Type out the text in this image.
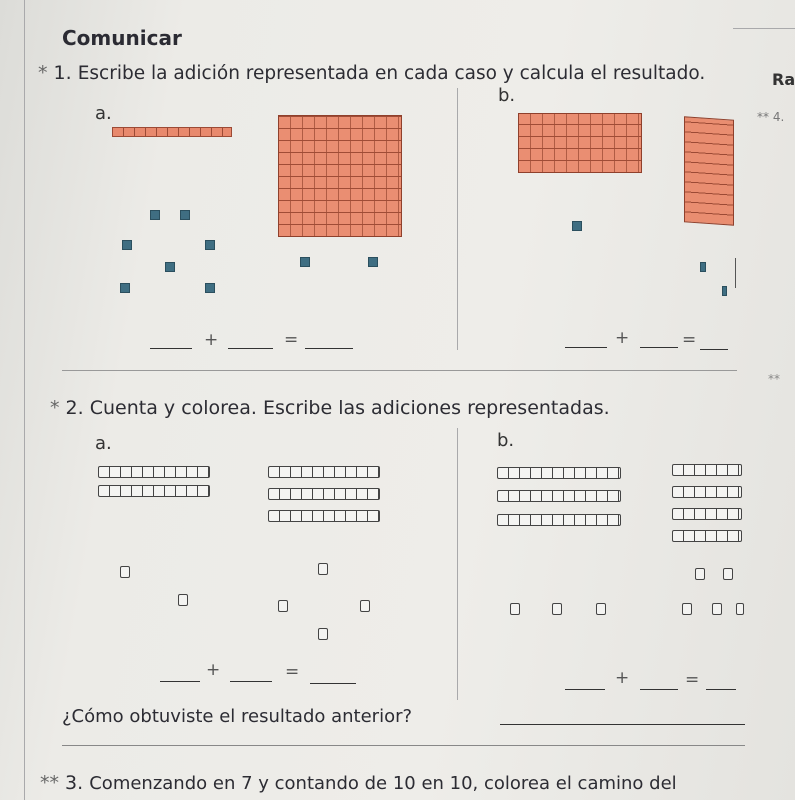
Comunicar
* 1. Escribe la adición representada en cada caso y calcula el resultado.	Ra
** 4.
a.
b.
+	=	+	=
**
* 2. Cuenta y colorea. Escribe las adiciones representadas.
a.	b.
+	=	+	=
¿Cómo obtuviste el resultado anterior?
** 3. Comenzando en 7 y contando de 10 en 10, colorea el camino del
